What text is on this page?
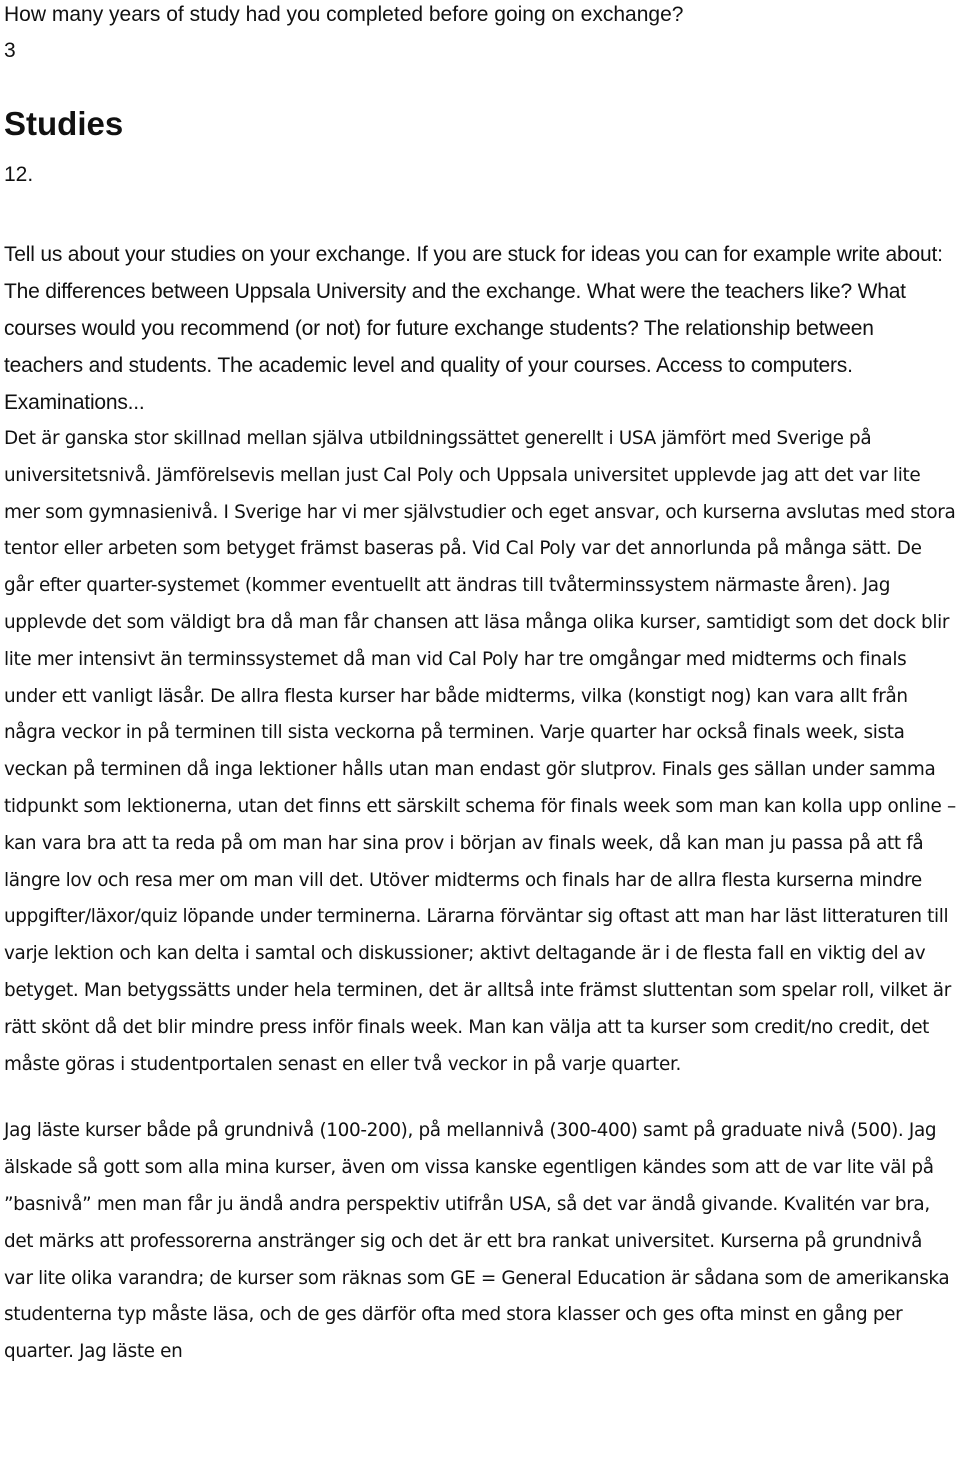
How many years of study had you completed before going on exchange?

3

Studies

12.

Tell us about your studies on your exchange. If you are stuck for ideas you can for example write about: The differences between Uppsala University and the exchange. What were the teachers like? What courses would you recommend (or not) for future exchange students? The relationship between teachers and students. The academic level and quality of your courses. Access to computers. Examinations...

Det är ganska stor skillnad mellan själva utbildningssättet generellt i USA jämfört med Sverige på universitetsnivå. Jämförelsevis mellan just Cal Poly och Uppsala universitet upplevde jag att det var lite mer som gymnasienivå. I Sverige har vi mer självstudier och eget ansvar, och kurserna avslutas med stora tentor eller arbeten som betyget främst baseras på. Vid Cal Poly var det annorlunda på många sätt. De går efter quarter-systemet (kommer eventuellt att ändras till tvåterminssystem närmaste åren). Jag upplevde det som väldigt bra då man får chansen att läsa många olika kurser, samtidigt som det dock blir lite mer intensivt än terminssystemet då man vid Cal Poly har tre omgångar med midterms och finals under ett vanligt läsår. De allra flesta kurser har både midterms, vilka (konstigt nog) kan vara allt från några veckor in på terminen till sista veckorna på terminen. Varje quarter har också finals week, sista veckan på terminen då inga lektioner hålls utan man endast gör slutprov. Finals ges sällan under samma tidpunkt som lektionerna, utan det finns ett särskilt schema för finals week som man kan kolla upp online – kan vara bra att ta reda på om man har sina prov i början av finals week, då kan man ju passa på att få längre lov och resa mer om man vill det. Utöver midterms och finals har de allra flesta kurserna mindre uppgifter/läxor/quiz löpande under terminerna. Lärarna förväntar sig oftast att man har läst litteraturen till varje lektion och kan delta i samtal och diskussioner; aktivt deltagande är i de flesta fall en viktig del av betyget. Man betygssätts under hela terminen, det är alltså inte främst sluttentan som spelar roll, vilket är rätt skönt då det blir mindre press inför finals week. Man kan välja att ta kurser som credit/no credit, det måste göras i studentportalen senast en eller två veckor in på varje quarter.

Jag läste kurser både på grundnivå (100-200), på mellannivå (300-400) samt på graduate nivå (500). Jag älskade så gott som alla mina kurser, även om vissa kanske egentligen kändes som att de var lite väl på ”basnivå” men man får ju ändå andra perspektiv utifrån USA, så det var ändå givande. Kvalitén var bra, det märks att professorerna anstränger sig och det är ett bra rankat universitet. Kurserna på grundnivå var lite olika varandra; de kurser som räknas som GE = General Education är sådana som de amerikanska studenterna typ måste läsa, och de ges därför ofta med stora klasser och ges ofta minst en gång per quarter. Jag läste en
